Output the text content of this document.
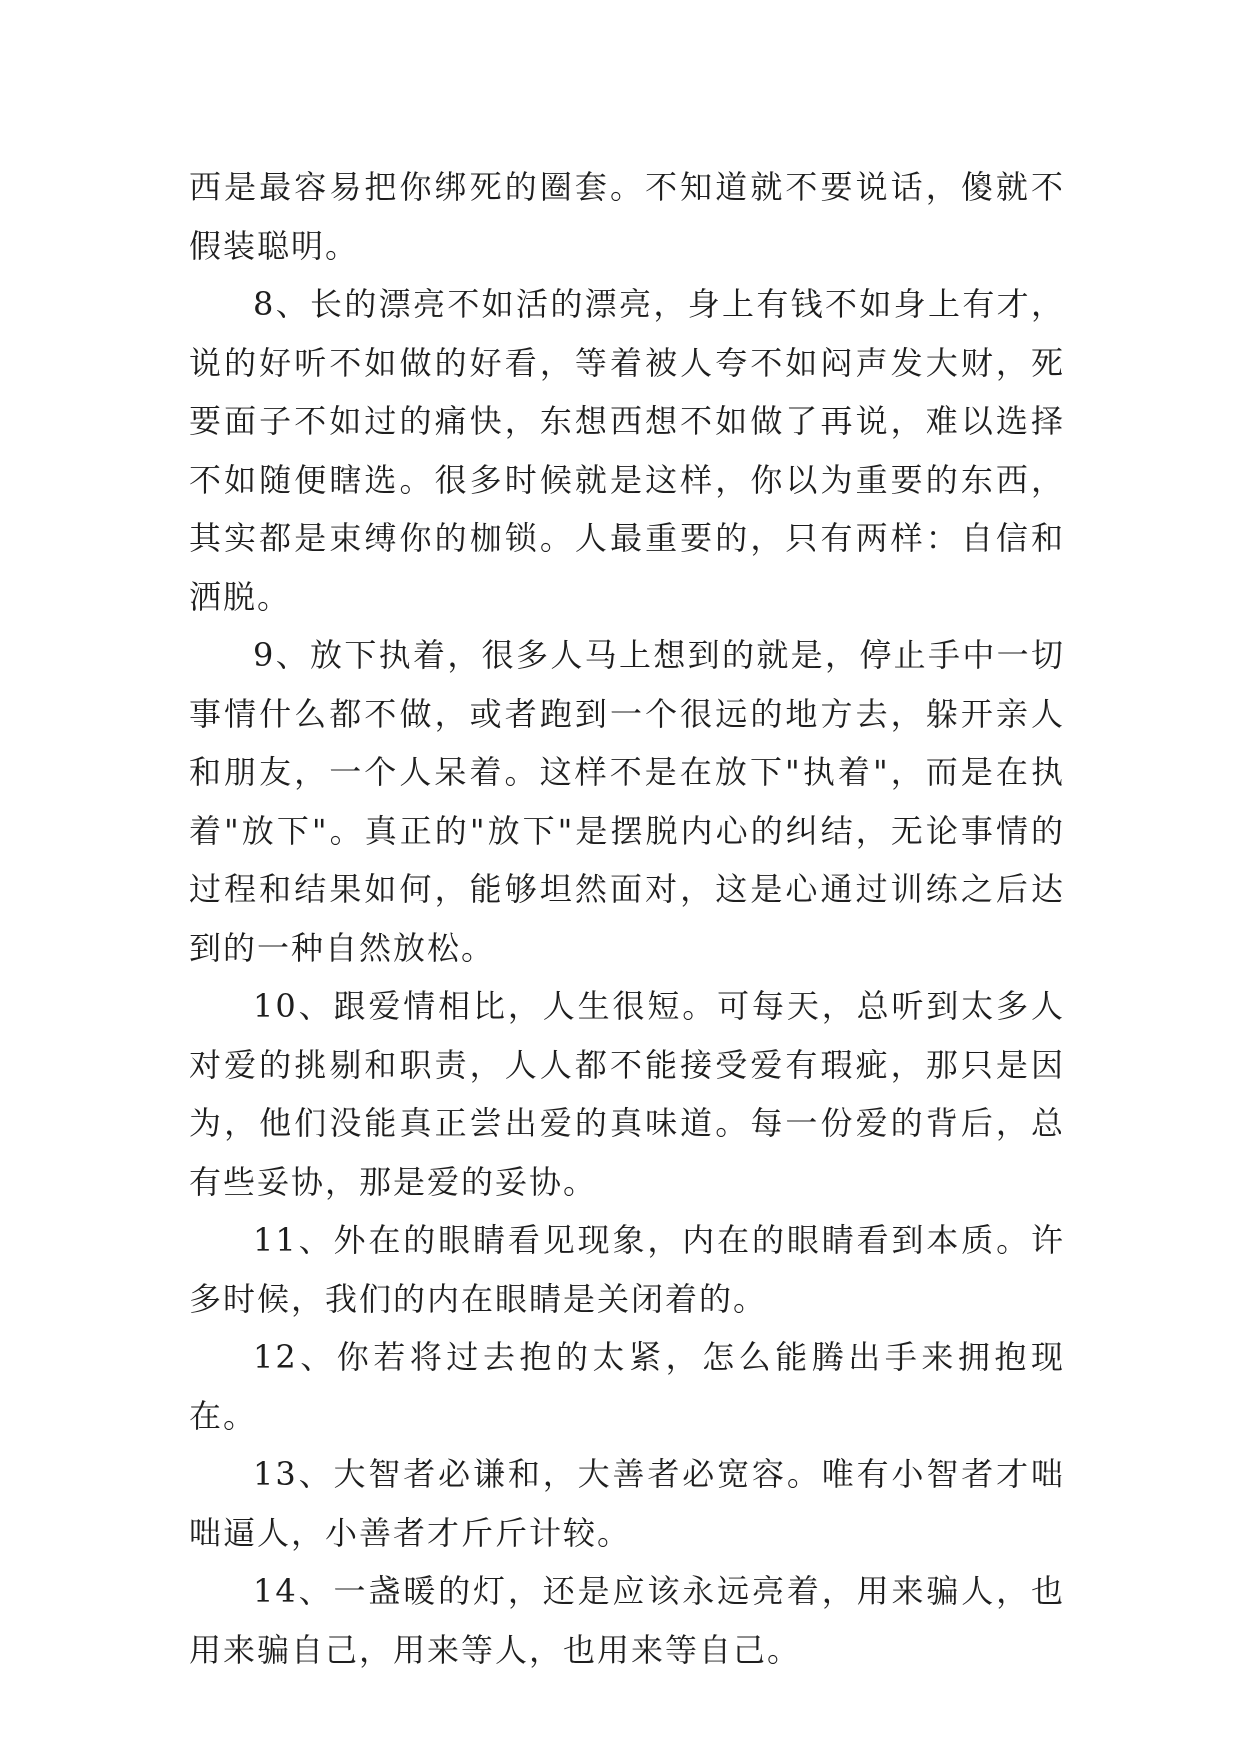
西是最容易把你绑死的圈套。不知道就不要说话，傻就不假装聪明。

8、长的漂亮不如活的漂亮，身上有钱不如身上有才，说的好听不如做的好看，等着被人夸不如闷声发大财，死要面子不如过的痛快，东想西想不如做了再说，难以选择不如随便瞎选。很多时候就是这样，你以为重要的东西，其实都是束缚你的枷锁。人最重要的，只有两样：自信和洒脱。

9、放下执着，很多人马上想到的就是，停止手中一切事情什么都不做，或者跑到一个很远的地方去，躲开亲人和朋友，一个人呆着。这样不是在放下"执着"，而是在执着"放下"。真正的"放下"是摆脱内心的纠结，无论事情的过程和结果如何，能够坦然面对，这是心通过训练之后达到的一种自然放松。

10、跟爱情相比，人生很短。可每天，总听到太多人对爱的挑剔和职责，人人都不能接受爱有瑕疵，那只是因为，他们没能真正尝出爱的真味道。每一份爱的背后，总有些妥协，那是爱的妥协。

11、外在的眼睛看见现象，内在的眼睛看到本质。许多时候，我们的内在眼睛是关闭着的。

12、你若将过去抱的太紧，怎么能腾出手来拥抱现在。

13、大智者必谦和，大善者必宽容。唯有小智者才咄咄逼人，小善者才斤斤计较。

14、一盏暖的灯，还是应该永远亮着，用来骗人，也用来骗自己，用来等人，也用来等自己。
